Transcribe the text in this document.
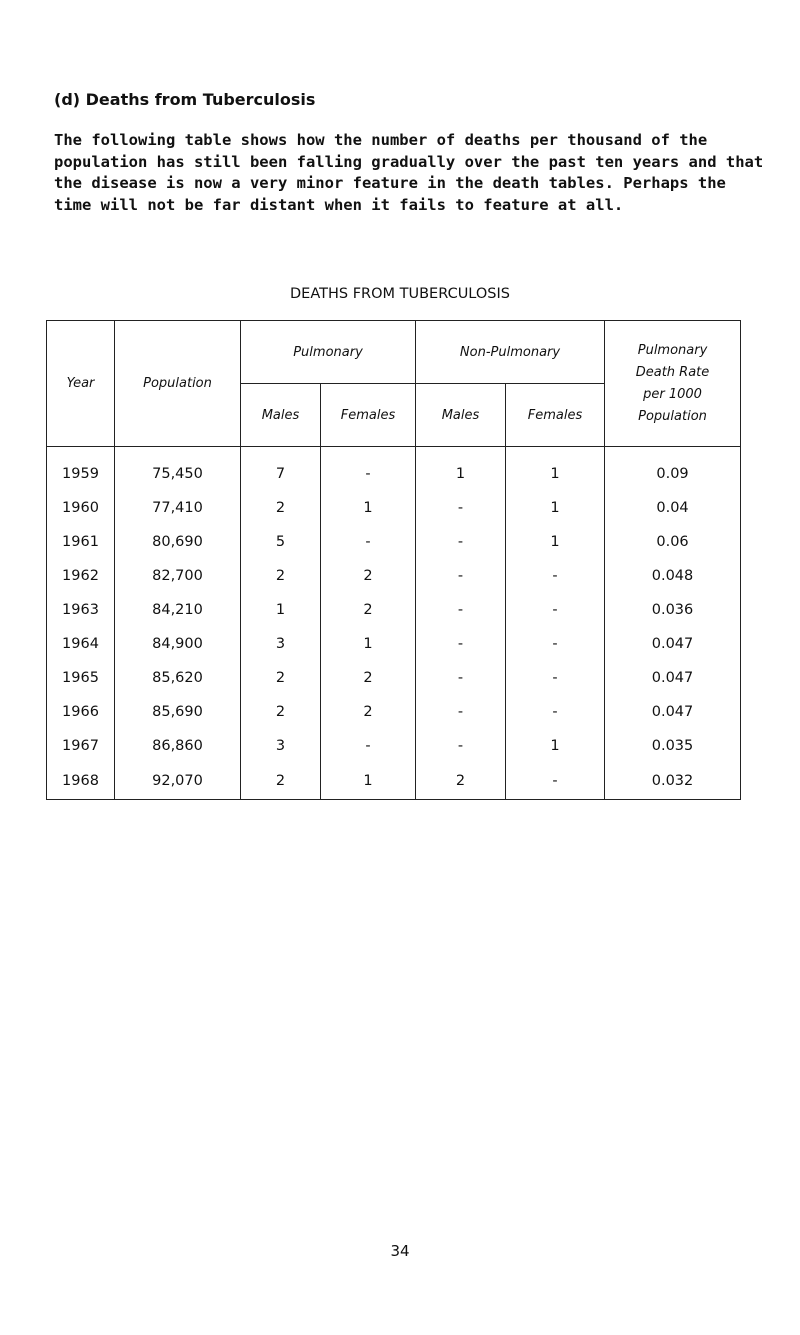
(d) Deaths from Tuberculosis

The following table shows how the number of deaths per thousand of the population has still been falling gradually over the past ten years and that the disease is now a very minor feature in the death tables. Perhaps the time will not be far distant when it fails to feature at all.

DEATHS FROM TUBERCULOSIS
Year	Population	Pulmonary		Non-Pulmonary		Pulmonary
Death Rate
per 1000
Population

		Males	Females	Males	Females	
1959	75,450	7	-	1	1	0.09
1960	77,410	2	1	-	1	0.04
1961	80,690	5	-	-	1	0.06
1962	82,700	2	2	-	-	0.048
1963	84,210	1	2	-	-	0.036
1964	84,900	3	1	-	-	0.047
1965	85,620	2	2	-	-	0.047
1966	85,690	2	2	-	-	0.047
1967	86,860	3	-	-	1	0.035
1968	92,070	2	1	2	-	0.032
34
